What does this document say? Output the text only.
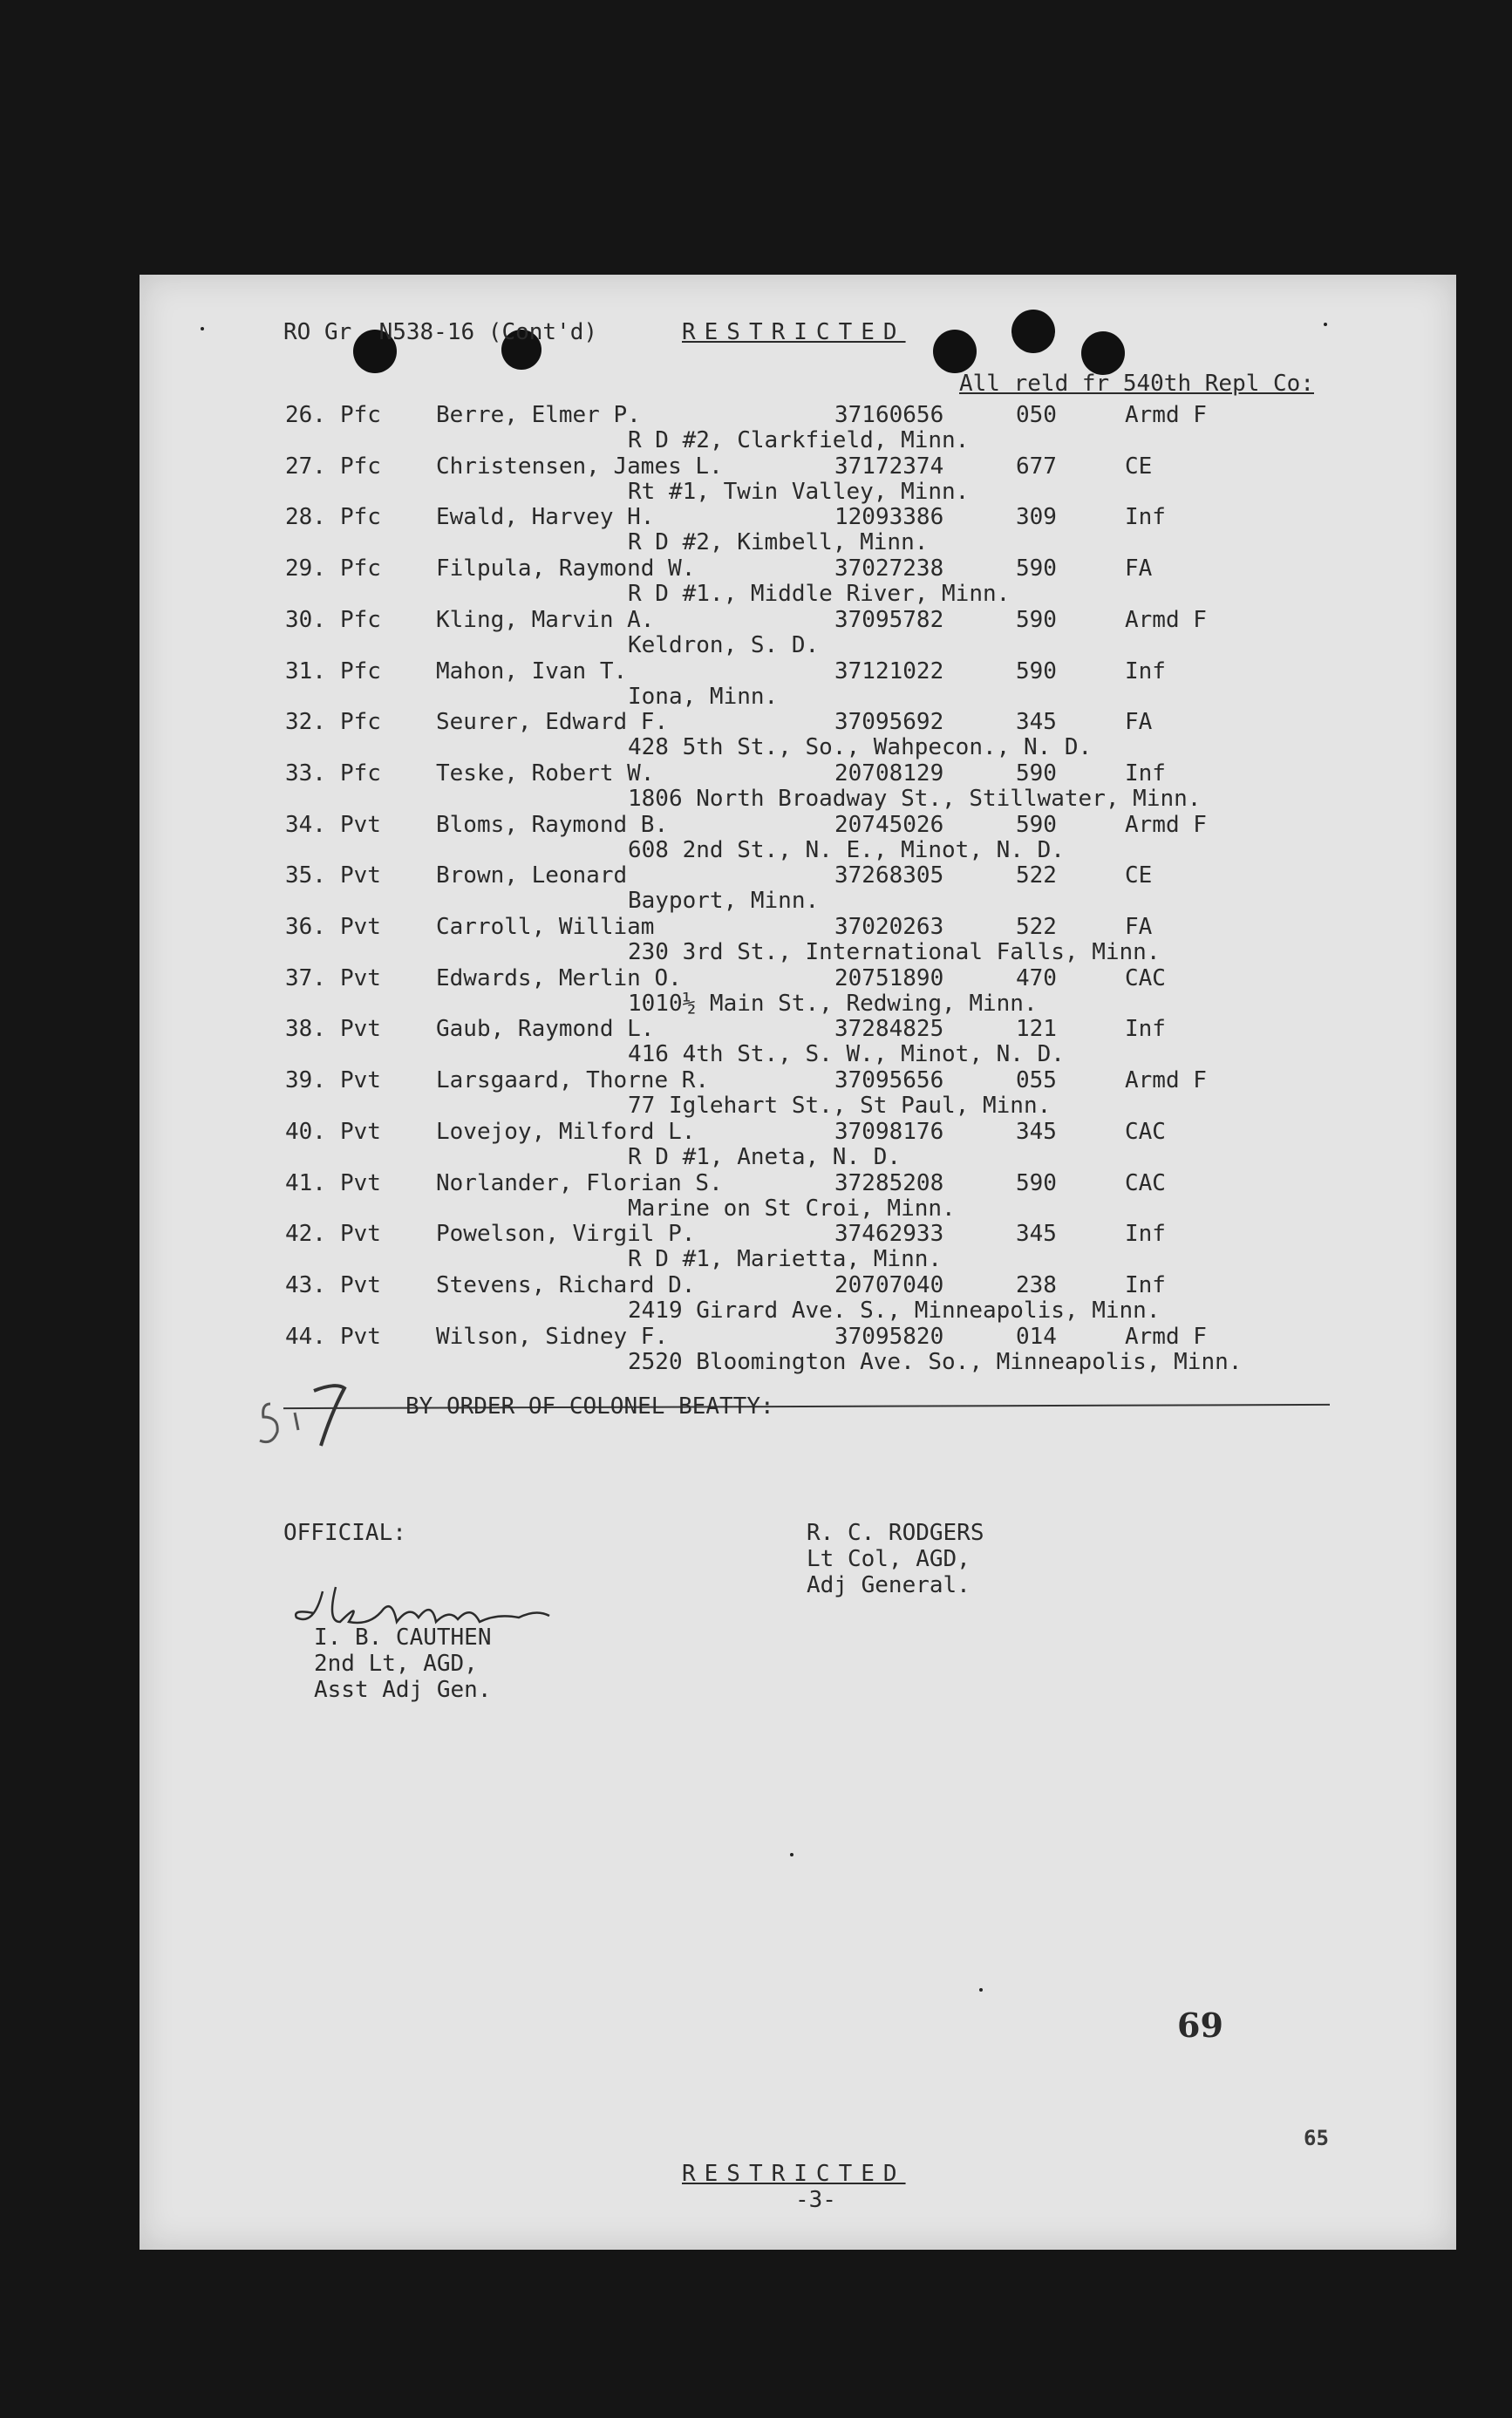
RO Gr  N538-16 (Cont'd)	RESTRICTED
All reld fr 540th Repl Co:
26. Pfc Berre, Elmer P.	37160656	050	Armd F
R D #2, Clarkfield, Minn.
27. Pfc Christensen, James L.	37172374	677	CE
Rt #1, Twin Valley, Minn.
28. Pfc Ewald, Harvey H.	12093386	309	Inf
R D #2, Kimbell, Minn.
29. Pfc Filpula, Raymond W.	37027238	590	FA
R D #1., Middle River, Minn.
30. Pfc Kling, Marvin A.	37095782	590	Armd F
Keldron, S. D.
31. Pfc Mahon, Ivan T.	37121022	590	Inf
Iona, Minn.
32. Pfc Seurer, Edward F.	37095692	345	FA
428 5th St., So., Wahpecon., N. D.
33. Pfc Teske, Robert W.	20708129	590	Inf
1806 North Broadway St., Stillwater, Minn.
34. Pvt Bloms, Raymond B.	20745026	590	Armd F
608 2nd St., N. E., Minot, N. D.
35. Pvt Brown, Leonard	37268305	522	CE
Bayport, Minn.
36. Pvt Carroll, William	37020263	522	FA
230 3rd St., International Falls, Minn.
37. Pvt Edwards, Merlin O.	20751890	470	CAC
1010½ Main St., Redwing, Minn.
38. Pvt Gaub, Raymond L.	37284825	121	Inf
416 4th St., S. W., Minot, N. D.
39. Pvt Larsgaard, Thorne R.	37095656	055	Armd F
77 Iglehart St., St Paul, Minn.
40. Pvt Lovejoy, Milford L.	37098176	345	CAC
R D #1, Aneta, N. D.
41. Pvt Norlander, Florian S.	37285208	590	CAC
Marine on St Croi, Minn.
42. Pvt Powelson, Virgil P.	37462933	345	Inf
R D #1, Marietta, Minn.
43. Pvt Stevens, Richard D.	20707040	238	Inf
2419 Girard Ave. S., Minneapolis, Minn.
44. Pvt Wilson, Sidney F.	37095820	014	Armd F
2520 Bloomington Ave. So., Minneapolis, Minn.
BY ORDER OF COLONEL BEATTY:
OFFICIAL:	R. C. RODGERS
Lt Col, AGD,
Adj General.
I. B. CAUTHEN
2nd Lt, AGD,
Asst Adj Gen.
69
65
RESTRICTED
-3-
